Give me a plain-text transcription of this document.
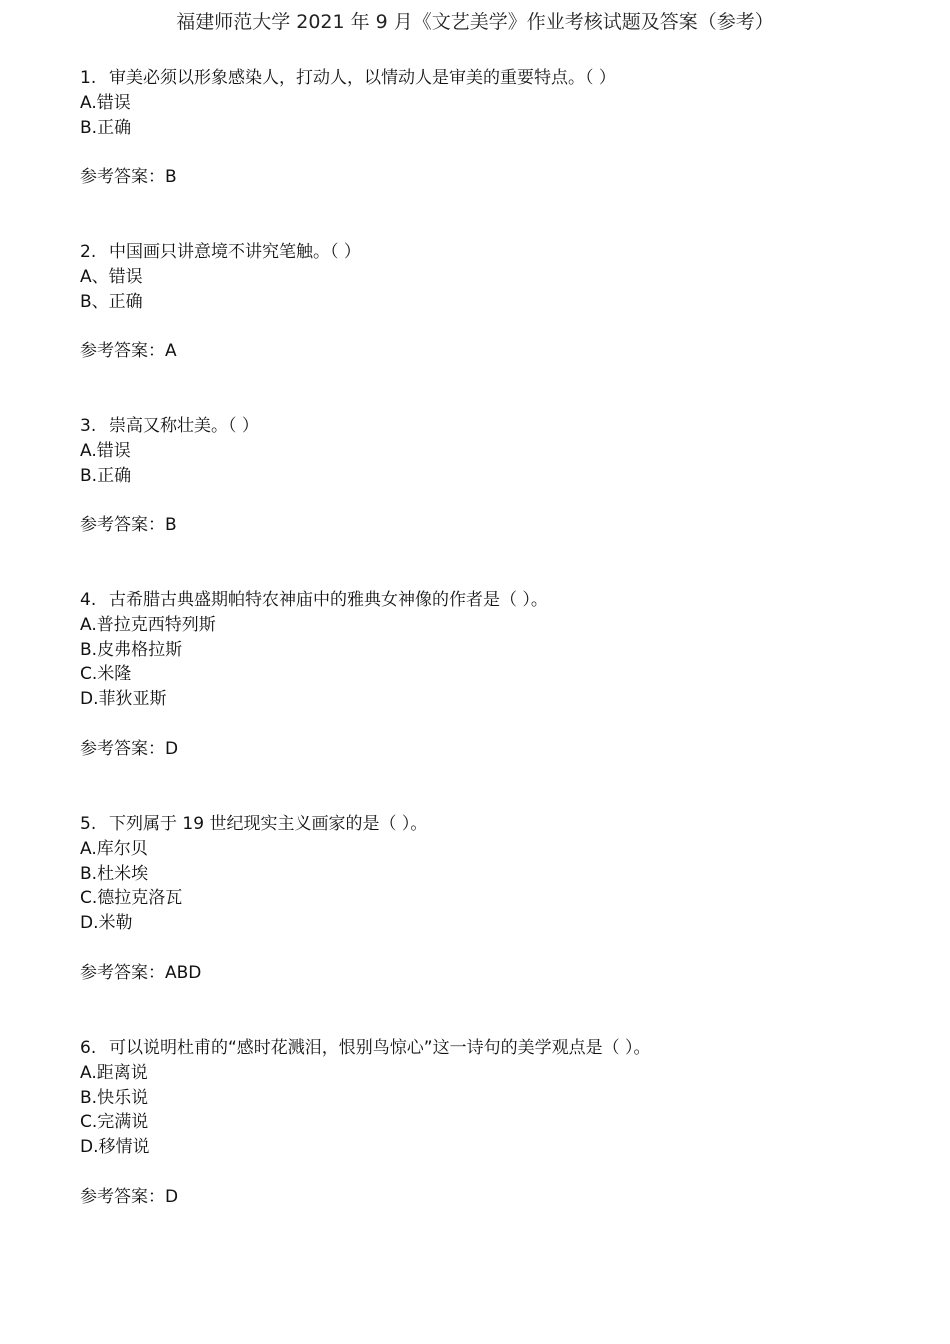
福建师范大学 2021 年 9 月《文艺美学》作业考核试题及答案（参考）
1. 审美必须以形象感染人，打动人，以情动人是审美的重要特点。（ ）
A.错误
B.正确
参考答案：B
2. 中国画只讲意境不讲究笔触。（ ）
A、错误
B、正确
参考答案：A
3. 崇高又称壮美。（ ）
A.错误
B.正确
参考答案：B
4. 古希腊古典盛期帕特农神庙中的雅典女神像的作者是（ ）。
A.普拉克西特列斯
B.皮弗格拉斯
C.米隆
D.菲狄亚斯
参考答案：D
5. 下列属于 19 世纪现实主义画家的是（ ）。
A.库尔贝
B.杜米埃
C.德拉克洛瓦
D.米勒
参考答案：ABD
6. 可以说明杜甫的“感时花溅泪，恨别鸟惊心”这一诗句的美学观点是（ ）。
A.距离说
B.快乐说
C.完满说
D.移情说
参考答案：D
